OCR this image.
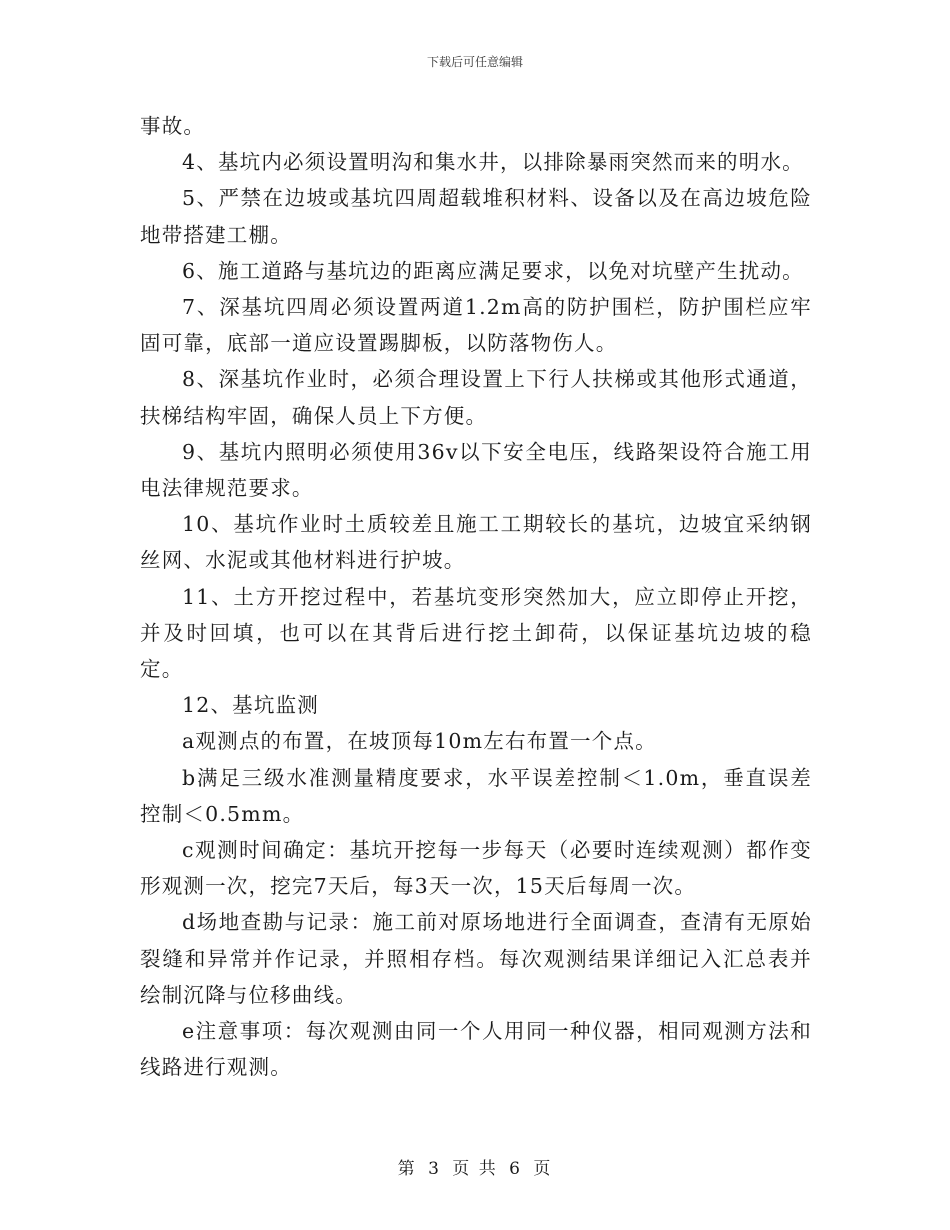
下载后可任意编辑

事故。

4、基坑内必须设置明沟和集水井，以排除暴雨突然而来的明水。

5、严禁在边坡或基坑四周超载堆积材料、设备以及在高边坡危险地带搭建工棚。

6、施工道路与基坑边的距离应满足要求，以免对坑壁产生扰动。

7、深基坑四周必须设置两道1.2m高的防护围栏，防护围栏应牢固可靠，底部一道应设置踢脚板，以防落物伤人。

8、深基坑作业时，必须合理设置上下行人扶梯或其他形式通道，扶梯结构牢固，确保人员上下方便。

9、基坑内照明必须使用36v以下安全电压，线路架设符合施工用电法律规范要求。

10、基坑作业时土质较差且施工工期较长的基坑，边坡宜采纳钢丝网、水泥或其他材料进行护坡。

11、土方开挖过程中，若基坑变形突然加大，应立即停止开挖，并及时回填，也可以在其背后进行挖土卸荷，以保证基坑边坡的稳定。

12、基坑监测

a观测点的布置，在坡顶每10m左右布置一个点。

b满足三级水准测量精度要求，水平误差控制＜1.0m，垂直误差控制＜0.5mm。

c观测时间确定：基坑开挖每一步每天（必要时连续观测）都作变形观测一次，挖完7天后，每3天一次，15天后每周一次。

d场地查勘与记录：施工前对原场地进行全面调查，查清有无原始裂缝和异常并作记录，并照相存档。每次观测结果详细记入汇总表并绘制沉降与位移曲线。

e注意事项：每次观测由同一个人用同一种仪器，相同观测方法和线路进行观测。

第 3 页 共 6 页
